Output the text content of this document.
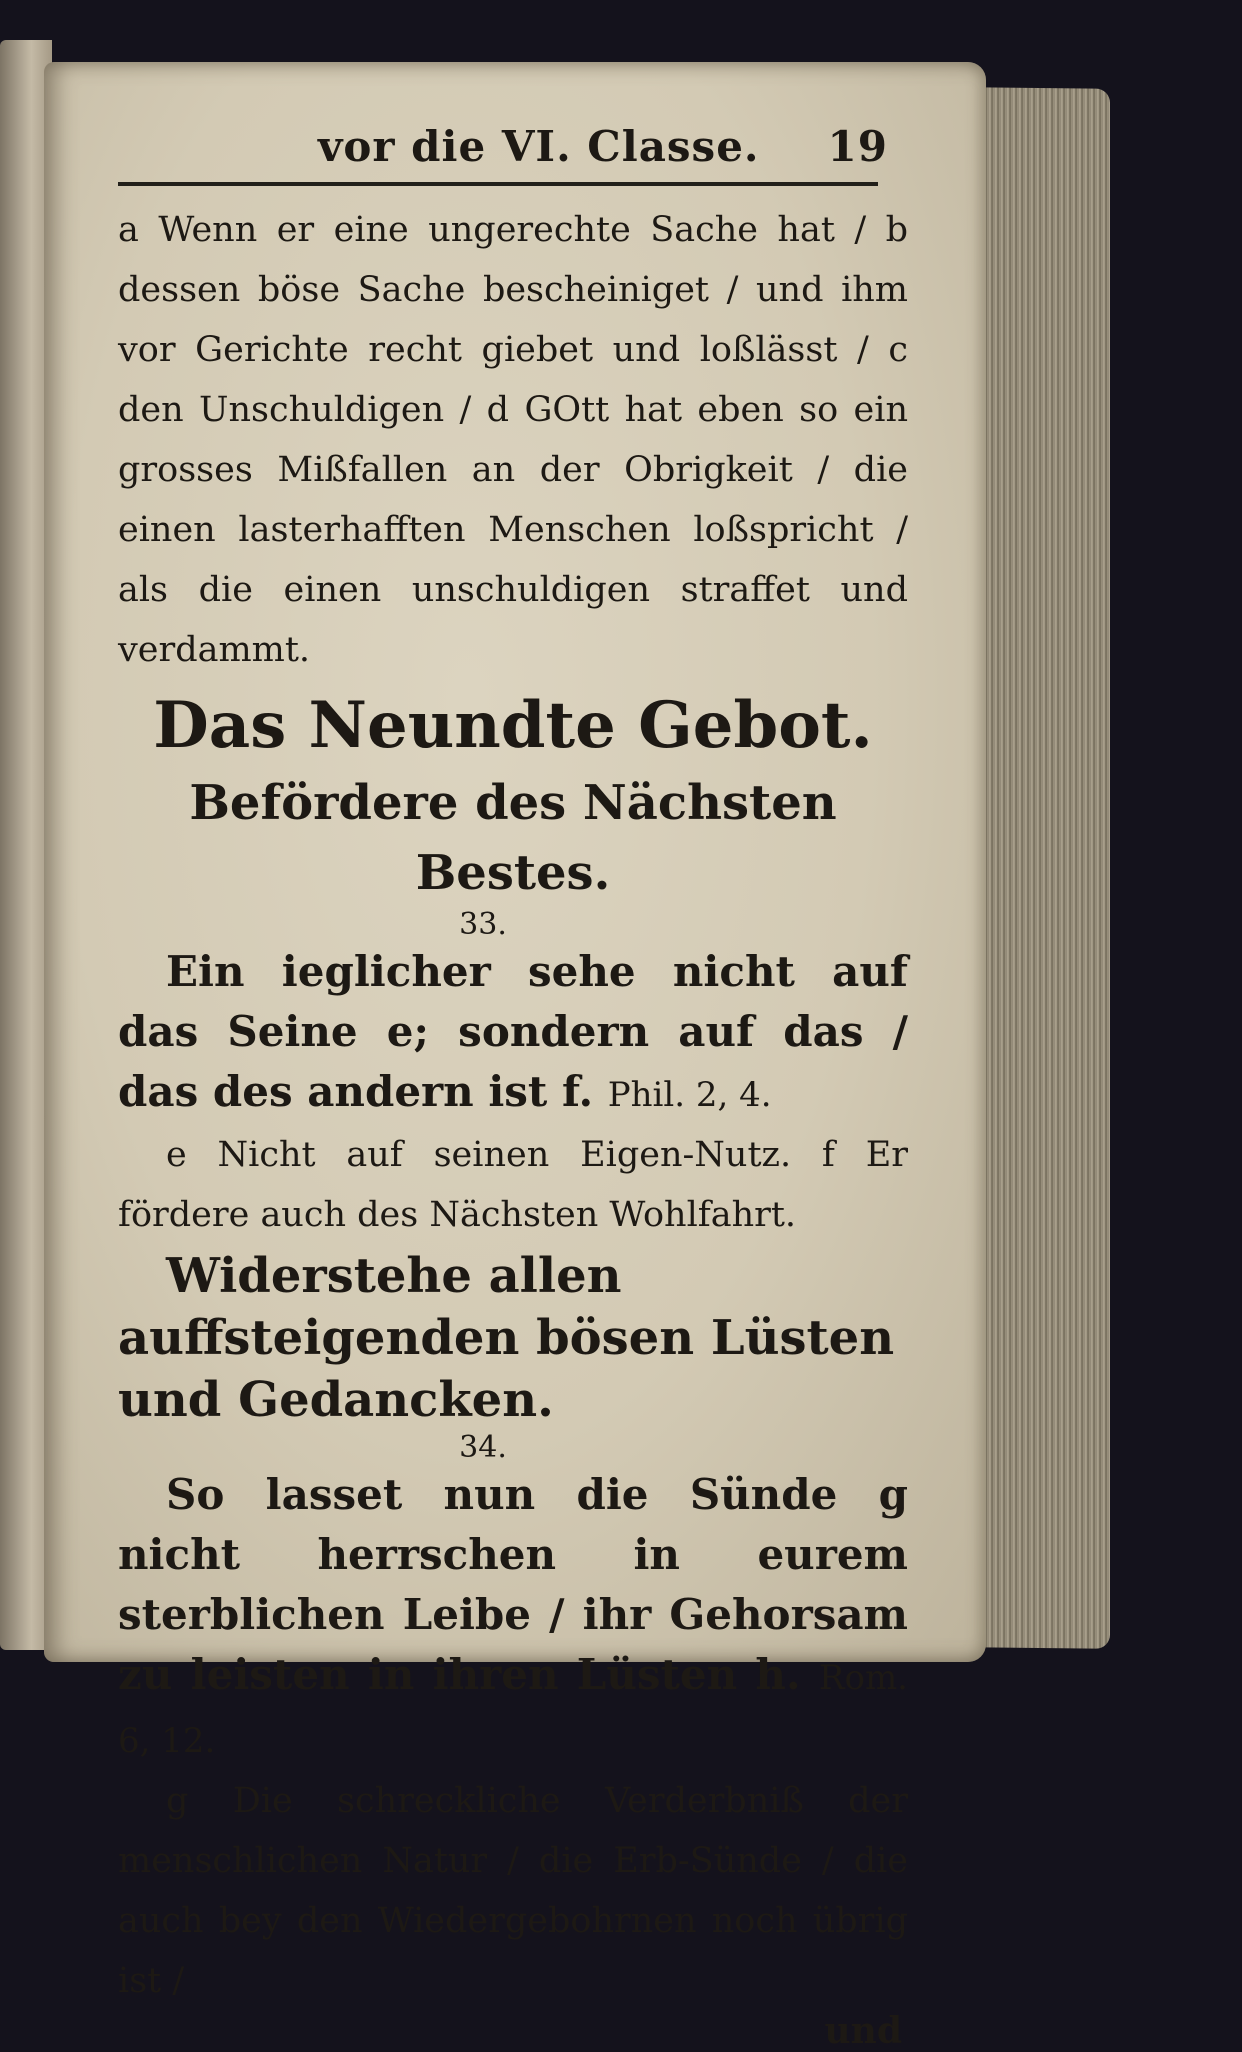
vor die VI. Classe. 19

a Wenn er eine ungerechte Sache hat / b dessen böse Sache bescheiniget / und ihm vor Gerichte recht giebet und loßlässt / c den Unschuldigen / d GOtt hat eben so ein grosses Mißfallen an der Obrigkeit / die einen lasterhafften Menschen loßspricht / als die einen unschuldigen straffet und verdammt.

Das Neundte Gebot.
Befördere des Nächsten Bestes.
33.

Ein ieglicher sehe nicht auf das Seine e; sondern auf das / das des andern ist f. Phil. 2, 4.

e Nicht auf seinen Eigen-Nutz. f Er fördere auch des Nächsten Wohlfahrt.

Widerstehe allen auffsteigenden bösen Lüsten und Gedancken.
34.

So lasset nun die Sünde g nicht herrschen in eurem sterblichen Leibe / ihr Gehorsam zu leisten in ihren Lüsten h. Rom. 6, 12.

g Die schreckliche Verderbniß der menschlichen Natur / die Erb-Sünde / die auch bey den Wiedergebohrnen noch übrig ist /

und
